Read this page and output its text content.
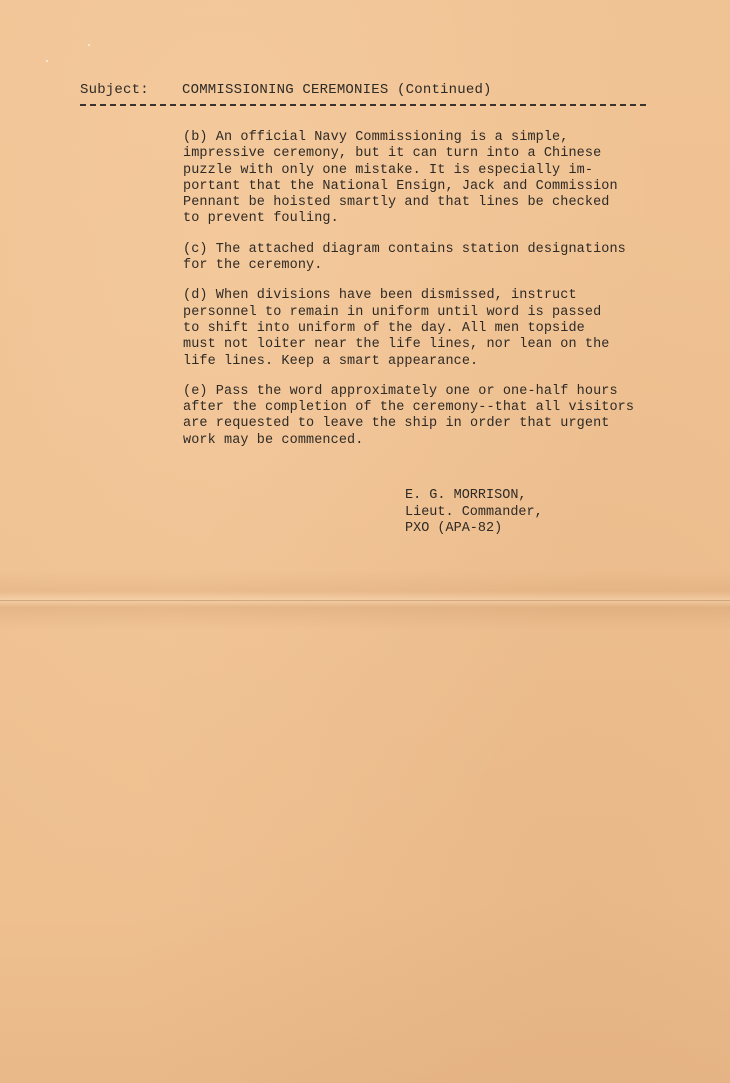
Subject: COMMISSIONING CEREMONIES (Continued)
(b) An official Navy Commissioning is a simple,
impressive ceremony, but it can turn into a Chinese
puzzle with only one mistake. It is especially im-
portant that the National Ensign, Jack and Commission
Pennant be hoisted smartly and that lines be checked
to prevent fouling.
(c) The attached diagram contains station designations
for the ceremony.
(d) When divisions have been dismissed, instruct
personnel to remain in uniform until word is passed
to shift into uniform of the day. All men topside
must not loiter near the life lines, nor lean on the
life lines. Keep a smart appearance.
(e) Pass the word approximately one or one-half hours
after the completion of the ceremony--that all visitors
are requested to leave the ship in order that urgent
work may be commenced.
E. G. MORRISON,
Lieut. Commander,
PXO (APA-82)
